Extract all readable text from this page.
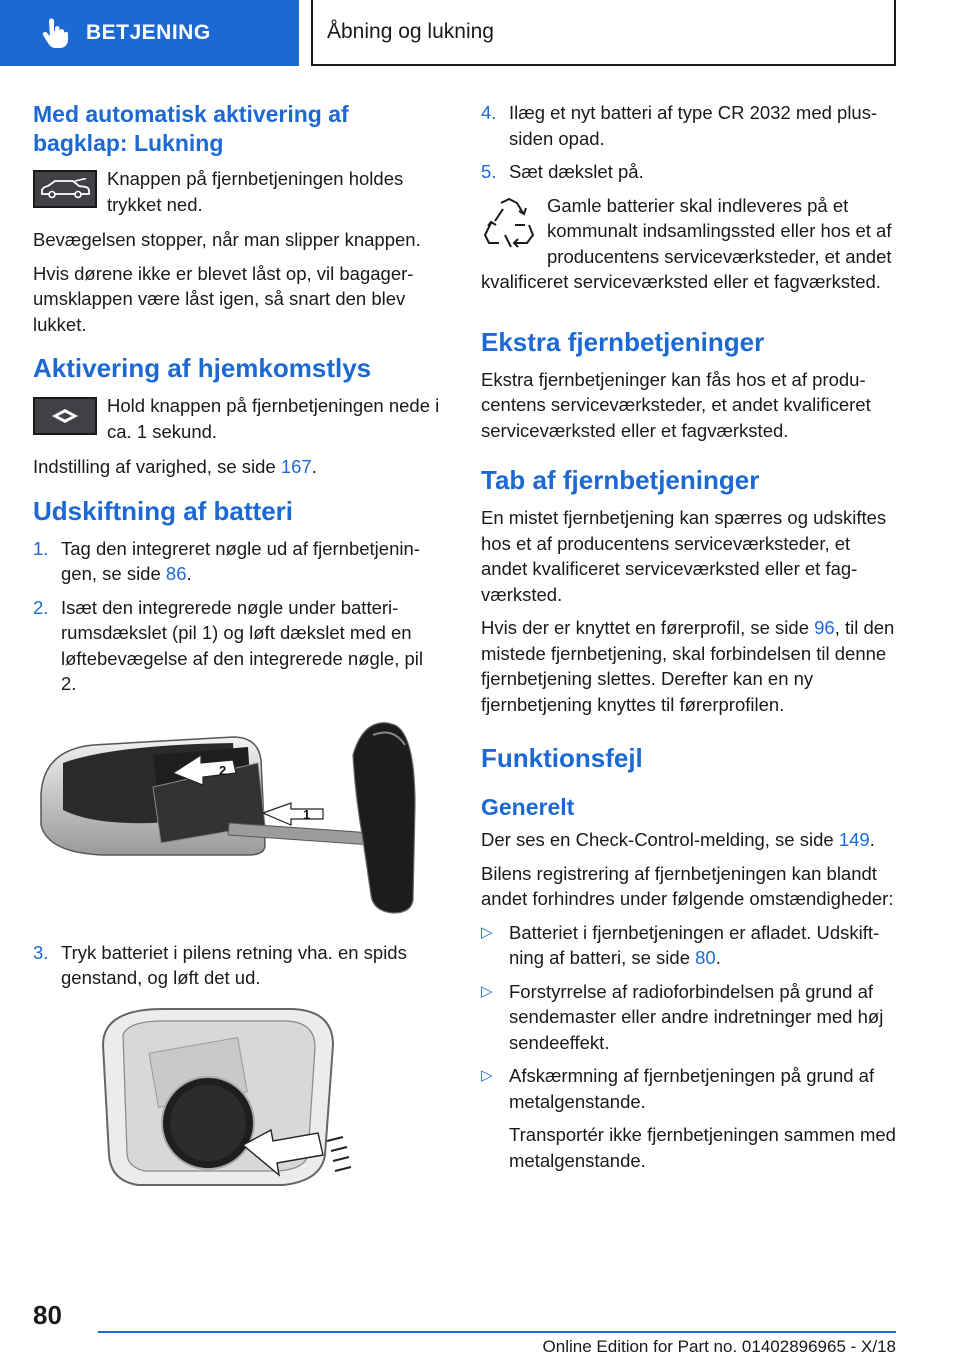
BETJENING	Åbning og lukning
Med automatisk aktivering af bagklap: Lukning

Knappen på fjernbetjeningen holdes trykket ned.

Bevægelsen stopper, når man slipper knappen.

Hvis dørene ikke er blevet låst op, vil bagagerumsklappen være låst igen, så snart den blev lukket.

Aktivering af hjemkomstlys

Hold knappen på fjernbetjeningen nede i ca. 1 sekund.

Indstilling af varighed, se side 167.

Udskiftning af batteri
1. Tag den integreret nøgle ud af fjernbetjeningen, se side 86.
2. Isæt den integrerede nøgle under batterirumsdækslet (pil 1) og løft dækslet med en løftebevægelse af den integrerede nøgle, pil 2.
2
1
3. Tryk batteriet i pilens retning vha. en spids genstand, og løft det ud.
4. Ilæg et nyt batteri af type CR 2032 med plussiden opad.
5. Sæt dækslet på.

Gamle batterier skal indleveres på et kommunalt indsamlingssted eller hos et af producentens serviceværksteder, et andet kvalificeret serviceværksted eller et fagværksted.

Ekstra fjernbetjeninger

Ekstra fjernbetjeninger kan fås hos et af producentens serviceværksteder, et andet kvalificeret serviceværksted eller et fagværksted.

Tab af fjernbetjeninger

En mistet fjernbetjening kan spærres og udskiftes hos et af producentens serviceværksteder, et andet kvalificeret serviceværksted eller et fagværksted.

Hvis der er knyttet en førerprofil, se side 96, til den mistede fjernbetjening, skal forbindelsen til denne fjernbetjening slettes. Derefter kan en ny fjernbetjening knyttes til førerprofilen.

Funktionsfejl
Generelt

Der ses en Check-Control-melding, se side 149.

Bilens registrering af fjernbetjeningen kan blandt andet forhindres under følgende omstændigheder:

▷ Batteriet i fjernbetjeningen er afladet. Udskiftning af batteri, se side 80.
▷ Forstyrrelse af radioforbindelsen på grund af sendemaster eller andre indretninger med høj sendeeffekt.
▷ Afskærmning af fjernbetjeningen på grund af metalgenstande.

Transportér ikke fjernbetjeningen sammen med metalgenstande.

80
Online Edition for Part no. 01402896965 - X/18
